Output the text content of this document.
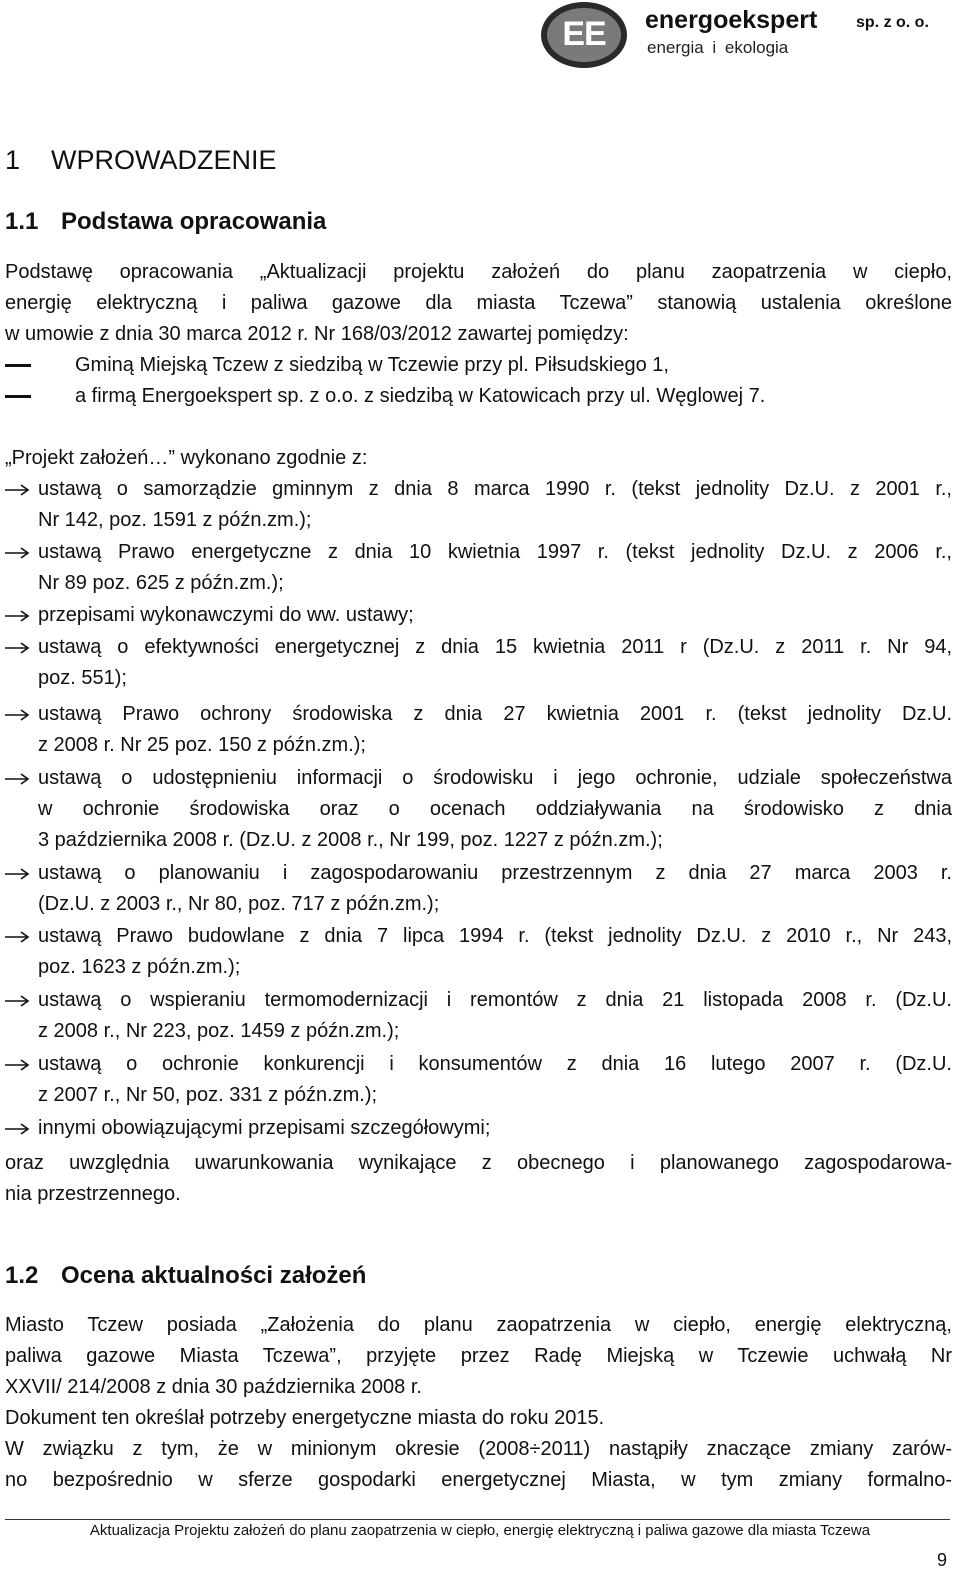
EE	energoekspert sp. z o. o.
energia i ekologia
1 WPROWADZENIE
1.1 Podstawa opracowania
Podstawę opracowania „Aktualizacji projektu założeń do planu zaopatrzenia w ciepło,
energię elektryczną i paliwa gazowe dla miasta Tczewa” stanowią ustalenia określone
w umowie z dnia 30 marca 2012 r. Nr 168/03/2012 zawartej pomiędzy:
Gminą Miejską Tczew z siedzibą w Tczewie przy pl. Piłsudskiego 1,
a firmą Energoekspert sp. z o.o. z siedzibą w Katowicach przy ul. Węglowej 7.
„Projekt założeń…” wykonano zgodnie z:
ustawą o samorządzie gminnym z dnia 8 marca 1990 r. (tekst jednolity Dz.U. z 2001 r.,
Nr 142, poz. 1591 z późn.zm.);
ustawą Prawo energetyczne z dnia 10 kwietnia 1997 r. (tekst jednolity Dz.U. z 2006 r.,
Nr 89 poz. 625 z późn.zm.);
przepisami wykonawczymi do ww. ustawy;
ustawą o efektywności energetycznej z dnia 15 kwietnia 2011 r (Dz.U. z 2011 r. Nr 94,
poz. 551);
ustawą Prawo ochrony środowiska z dnia 27 kwietnia 2001 r. (tekst jednolity Dz.U.
z 2008 r. Nr 25 poz. 150 z późn.zm.);
ustawą o udostępnieniu informacji o środowisku i jego ochronie, udziale społeczeństwa
w ochronie środowiska oraz o ocenach oddziaływania na środowisko z dnia
3 października 2008 r. (Dz.U. z 2008 r., Nr 199, poz. 1227 z późn.zm.);
ustawą o planowaniu i zagospodarowaniu przestrzennym z dnia 27 marca 2003 r.
(Dz.U. z 2003 r., Nr 80, poz. 717 z późn.zm.);
ustawą Prawo budowlane z dnia 7 lipca 1994 r. (tekst jednolity Dz.U. z 2010 r., Nr 243,
poz. 1623 z późn.zm.);
ustawą o wspieraniu termomodernizacji i remontów z dnia 21 listopada 2008 r. (Dz.U.
z 2008 r., Nr 223, poz. 1459 z późn.zm.);
ustawą o ochronie konkurencji i konsumentów z dnia 16 lutego 2007 r. (Dz.U.
z 2007 r., Nr 50, poz. 331 z późn.zm.);
innymi obowiązującymi przepisami szczegółowymi;
oraz uwzględnia uwarunkowania wynikające z obecnego i planowanego zagospodarowa-
nia przestrzennego.
1.2 Ocena aktualności założeń
Miasto Tczew posiada „Założenia do planu zaopatrzenia w ciepło, energię elektryczną,
paliwa gazowe Miasta Tczewa”, przyjęte przez Radę Miejską w Tczewie uchwałą Nr
XXVII/ 214/2008 z dnia 30 października 2008 r.
Dokument ten określał potrzeby energetyczne miasta do roku 2015.
W związku z tym, że w minionym okresie (2008÷2011) nastąpiły znaczące zmiany zarów-
no bezpośrednio w sferze gospodarki energetycznej Miasta, w tym zmiany formalno-
Aktualizacja Projektu założeń do planu zaopatrzenia w ciepło, energię elektryczną i paliwa gazowe dla miasta Tczewa
9
